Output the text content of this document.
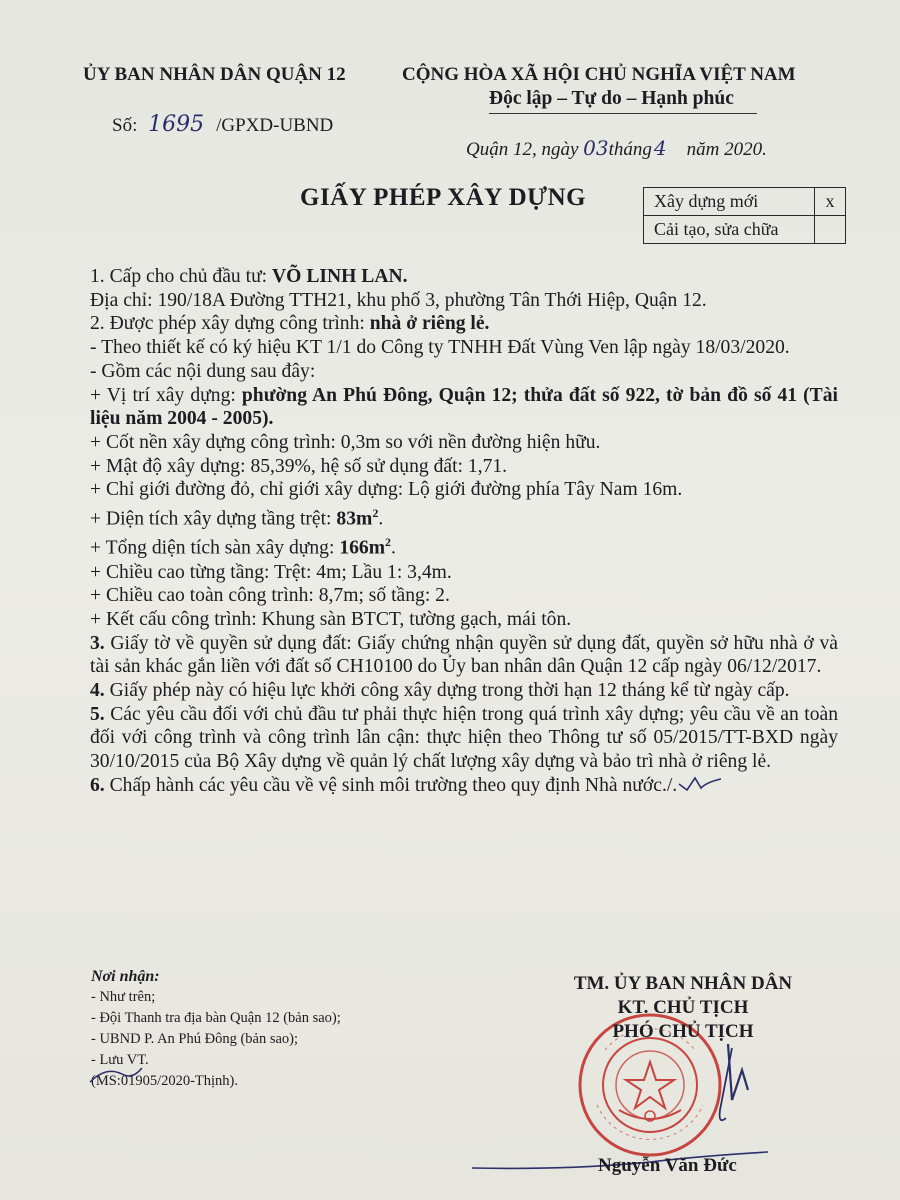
ỦY BAN NHÂN DÂN QUẬN 12
Số: 1695 /GPXD-UBND
CỘNG HÒA XÃ HỘI CHỦ NGHĨA VIỆT NAM
Độc lập – Tự do – Hạnh phúc
Quận 12, ngày 03tháng 4 năm 2020.
GIẤY PHÉP XÂY DỰNG	Xây dựng mới	x
Cải tạo, sửa chữa	

1. Cấp cho chủ đầu tư: VÕ LINH LAN.

Địa chỉ: 190/18A Đường TTH21, khu phố 3, phường Tân Thới Hiệp, Quận 12.

2. Được phép xây dựng công trình: nhà ở riêng lẻ.

- Theo thiết kế có ký hiệu KT 1/1 do Công ty TNHH Đất Vùng Ven lập ngày 18/03/2020.

- Gồm các nội dung sau đây:

+ Vị trí xây dựng: phường An Phú Đông, Quận 12; thửa đất số 922, tờ bản đồ số 41 (Tài liệu năm 2004 - 2005).

+ Cốt nền xây dựng công trình: 0,3m so với nền đường hiện hữu.

+ Mật độ xây dựng: 85,39%, hệ số sử dụng đất: 1,71.

+ Chỉ giới đường đỏ, chỉ giới xây dựng: Lộ giới đường phía Tây Nam 16m.

+ Diện tích xây dựng tầng trệt: $83m^2$.

+ Tổng diện tích sàn xây dựng: $166m^2$.

+ Chiều cao từng tầng: Trệt: 4m; Lầu 1: 3,4m.

+ Chiều cao toàn công trình: 8,7m; số tầng: 2.

+ Kết cấu công trình: Khung sàn BTCT, tường gạch, mái tôn.

3. Giấy tờ về quyền sử dụng đất: Giấy chứng nhận quyền sử dụng đất, quyền sở hữu nhà ở và tài sản khác gắn liền với đất số CH10100 do Ủy ban nhân dân Quận 12 cấp ngày 06/12/2017.

4. Giấy phép này có hiệu lực khởi công xây dựng trong thời hạn 12 tháng kể từ ngày cấp.

5. Các yêu cầu đối với chủ đầu tư phải thực hiện trong quá trình xây dựng; yêu cầu về an toàn đối với công trình và công trình lân cận: thực hiện theo Thông tư số 05/2015/TT-BXD ngày 30/10/2015 của Bộ Xây dựng về quản lý chất lượng xây dựng và bảo trì nhà ở riêng lẻ.

6. Chấp hành các yêu cầu về vệ sinh môi trường theo quy định Nhà nước./.

Nơi nhận:
- Như trên;
- Đội Thanh tra địa bàn Quận 12 (bản sao);
- UBND P. An Phú Đông (bản sao);
- Lưu VT.
(MS:01905/2020-Thịnh).
TM. ỦY BAN NHÂN DÂN
KT. CHỦ TỊCH
PHÓ CHỦ TỊCH
Nguyễn Văn Đức
